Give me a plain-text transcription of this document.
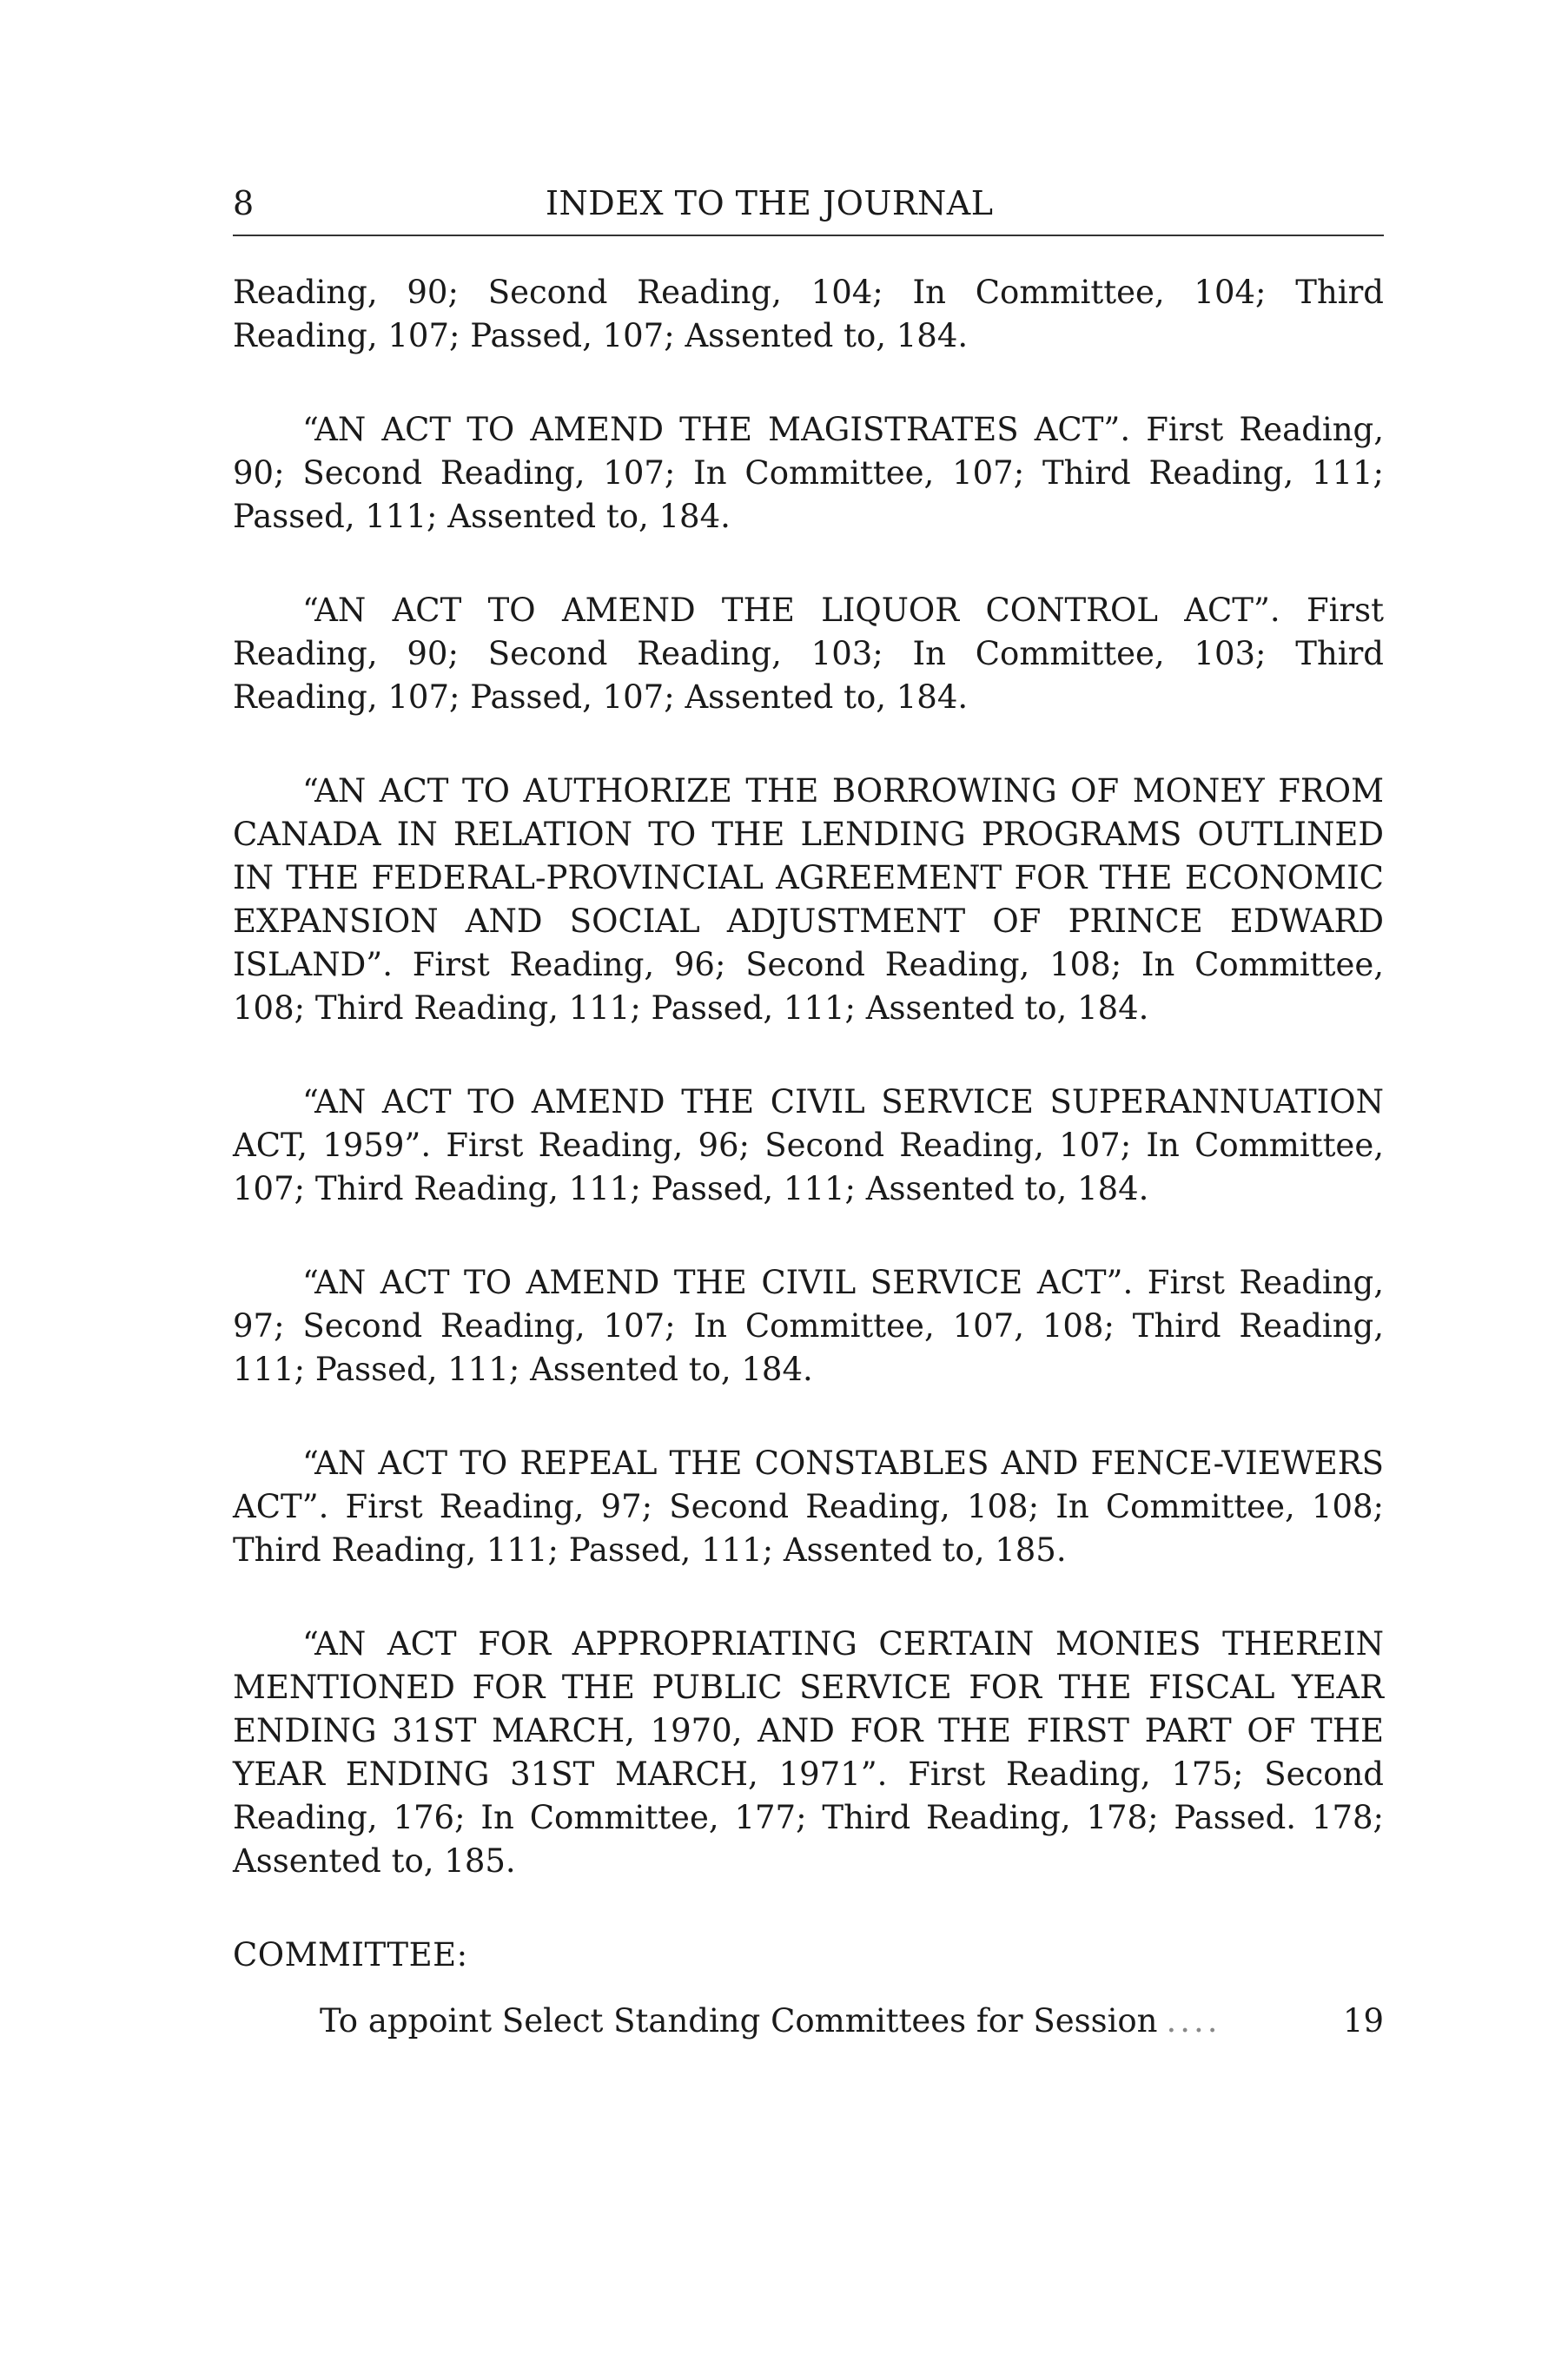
8	INDEX TO THE JOURNAL

Reading, 90; Second Reading, 104; In Committee, 104; Third Reading, 107; Passed, 107; Assented to, 184.

“AN ACT TO AMEND THE MAGISTRATES ACT”. First Reading, 90; Second Reading, 107; In Committee, 107; Third Reading, 111; Passed, 111; Assented to, 184.

“AN ACT TO AMEND THE LIQUOR CONTROL ACT”. First Reading, 90; Second Reading, 103; In Committee, 103; Third Reading, 107; Passed, 107; Assented to, 184.

“AN ACT TO AUTHORIZE THE BORROWING OF MONEY FROM CANADA IN RELATION TO THE LENDING PROGRAMS OUTLINED IN THE FEDERAL-PROVINCIAL AGREEMENT FOR THE ECONOMIC EXPANSION AND SOCIAL ADJUSTMENT OF PRINCE EDWARD ISLAND”. First Reading, 96; Second Reading, 108; In Committee, 108; Third Reading, 111; Passed, 111; Assented to, 184.

“AN ACT TO AMEND THE CIVIL SERVICE SUPERANNUATION ACT, 1959”. First Reading, 96; Second Reading, 107; In Committee, 107; Third Reading, 111; Passed, 111; Assented to, 184.

“AN ACT TO AMEND THE CIVIL SERVICE ACT”. First Reading, 97; Second Reading, 107; In Committee, 107, 108; Third Reading, 111; Passed, 111; Assented to, 184.

“AN ACT TO REPEAL THE CONSTABLES AND FENCE-VIEWERS ACT”. First Reading, 97; Second Reading, 108; In Committee, 108; Third Reading, 111; Passed, 111; Assented to, 185.

“AN ACT FOR APPROPRIATING CERTAIN MONIES THEREIN MENTIONED FOR THE PUBLIC SERVICE FOR THE FISCAL YEAR ENDING 31ST MARCH, 1970, AND FOR THE FIRST PART OF THE YEAR ENDING 31ST MARCH, 1971”. First Reading, 175; Second Reading, 176; In Committee, 177; Third Reading, 178; Passed. 178; Assented to, 185.

COMMITTEE:
To appoint Select Standing Committees for Session ....	19
